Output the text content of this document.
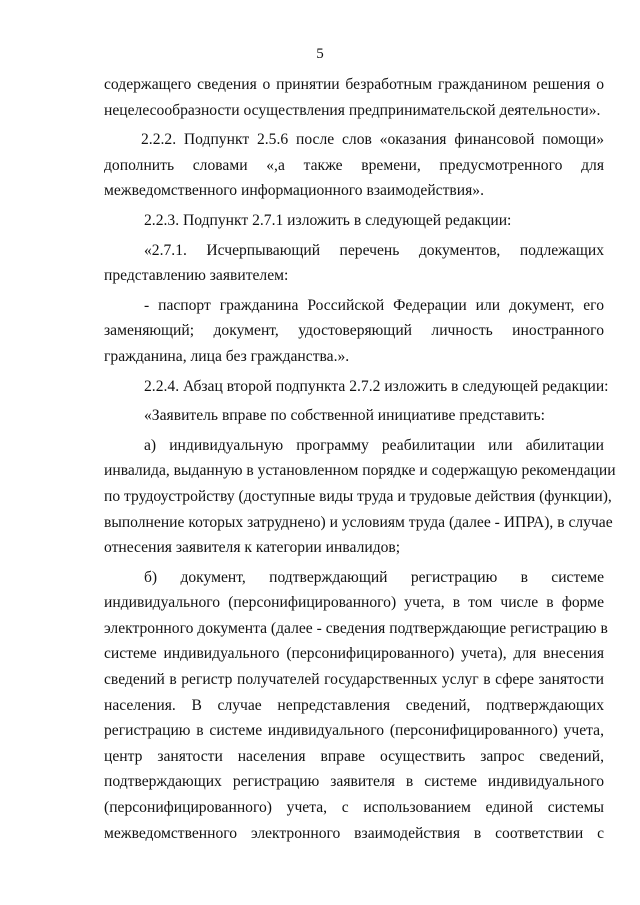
5
содержащего сведения о принятии безработным гражданином решения о
нецелесообразности осуществления предпринимательской деятельности».
2.2.2. Подпункт 2.5.6 после слов «оказания финансовой помощи»
дополнить словами «,а также времени, предусмотренного для
межведомственного информационного взаимодействия».
2.2.3. Подпункт 2.7.1 изложить в следующей редакции:
«2.7.1. Исчерпывающий перечень документов, подлежащих
представлению заявителем:
- паспорт гражданина Российской Федерации или документ, его
заменяющий; документ, удостоверяющий личность иностранного
гражданина, лица без гражданства.».
2.2.4. Абзац второй подпункта 2.7.2 изложить в следующей редакции:
«Заявитель вправе по собственной инициативе представить:
а) индивидуальную программу реабилитации или абилитации
инвалида, выданную в установленном порядке и содержащую рекомендации
по трудоустройству (доступные виды труда и трудовые действия (функции),
выполнение которых затруднено) и условиям труда (далее - ИПРА), в случае
отнесения заявителя к категории инвалидов;
б) документ, подтверждающий регистрацию в системе
индивидуального (персонифицированного) учета, в том числе в форме
электронного документа (далее - сведения подтверждающие регистрацию в
системе индивидуального (персонифицированного) учета), для внесения
сведений в регистр получателей государственных услуг в сфере занятости
населения. В случае непредставления сведений, подтверждающих
регистрацию в системе индивидуального (персонифицированного) учета,
центр занятости населения вправе осуществить запрос сведений,
подтверждающих регистрацию заявителя в системе индивидуального
(персонифицированного) учета, с использованием единой системы
межведомственного электронного взаимодействия в соответствии с
